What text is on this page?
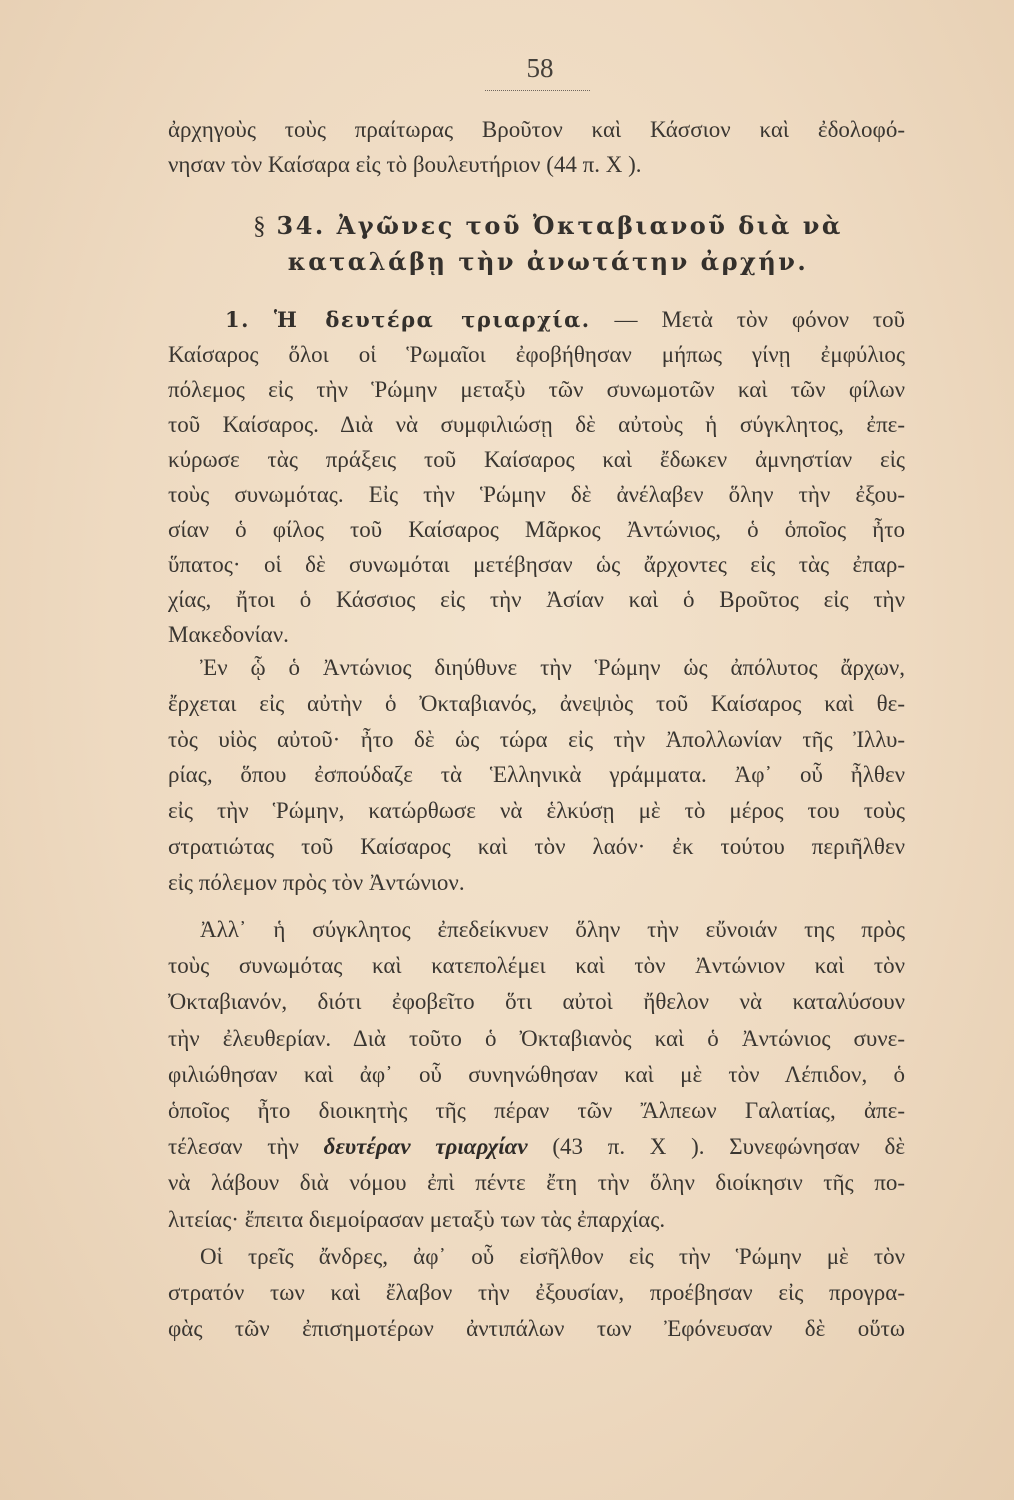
58
ἀρχηγοὺς τοὺς πραίτωρας Βροῦτον καὶ Κάσσιον καὶ ἐδολοφό-
νησαν τὸν Καίσαρα εἰς τὸ βουλευτήριον (44 π. Χ ).
§ 34. Ἀγῶνες τοῦ Ὀκταβιανοῦ διὰ νὰ
καταλάβῃ τὴν ἀνωτάτην ἀρχήν.
1. Ἡ δευτέρα τριαρχία. — Μετὰ τὸν φόνον τοῦ
Καίσαρος ὅλοι οἱ Ῥωμαῖοι ἐφοβήθησαν μήπως γίνῃ ἐμφύλιος
πόλεμος εἰς τὴν Ῥώμην μεταξὺ τῶν συνωμοτῶν καὶ τῶν φίλων
τοῦ Καίσαρος. Διὰ νὰ συμφιλιώσῃ δὲ αὐτοὺς ἡ σύγκλητος, ἐπε-
κύρωσε τὰς πράξεις τοῦ Καίσαρος καὶ ἔδωκεν ἀμνηστίαν εἰς
τοὺς συνωμότας. Εἰς τὴν Ῥώμην δὲ ἀνέλαβεν ὅλην τὴν ἐξου-
σίαν ὁ φίλος τοῦ Καίσαρος Μᾶρκος Ἀντώνιος, ὁ ὁποῖος ἦτο
ὕπατος· οἱ δὲ συνωμόται μετέβησαν ὡς ἄρχοντες εἰς τὰς ἐπαρ-
χίας, ἤτοι ὁ Κάσσιος εἰς τὴν Ἀσίαν καὶ ὁ Βροῦτος εἰς τὴν
Μακεδονίαν.
Ἐν ᾧ ὁ Ἀντώνιος διηύθυνε τὴν Ῥώμην ὡς ἀπόλυτος ἄρχων,
ἔρχεται εἰς αὐτὴν ὁ Ὀκταβιανός, ἀνεψιὸς τοῦ Καίσαρος καὶ θε-
τὸς υἱὸς αὐτοῦ· ἦτο δὲ ὡς τώρα εἰς τὴν Ἀπολλωνίαν τῆς Ἰλλυ-
ρίας, ὅπου ἐσπούδαζε τὰ Ἑλληνικὰ γράμματα. Ἀφ᾿ οὗ ἦλθεν
εἰς τὴν Ῥώμην, κατώρθωσε νὰ ἑλκύσῃ μὲ τὸ μέρος του τοὺς
στρατιώτας τοῦ Καίσαρος καὶ τὸν λαόν· ἐκ τούτου περιῆλθεν
εἰς πόλεμον πρὸς τὸν Ἀντώνιον.
Ἀλλ᾿ ἡ σύγκλητος ἐπεδείκνυεν ὅλην τὴν εὔνοιάν της πρὸς
τοὺς συνωμότας καὶ κατεπολέμει καὶ τὸν Ἀντώνιον καὶ τὸν
Ὀκταβιανόν, διότι ἐφοβεῖτο ὅτι αὐτοὶ ἤθελον νὰ καταλύσουν
τὴν ἐλευθερίαν. Διὰ τοῦτο ὁ Ὀκταβιανὸς καὶ ὁ Ἀντώνιος συνε-
φιλιώθησαν καὶ ἀφ᾿ οὗ συνηνώθησαν καὶ μὲ τὸν Λέπιδον, ὁ
ὁποῖος ἦτο διοικητὴς τῆς πέραν τῶν Ἄλπεων Γαλατίας, ἀπε-
τέλεσαν τὴν δευτέραν τριαρχίαν (43 π. Χ ). Συνεφώνησαν δὲ
νὰ λάβουν διὰ νόμου ἐπὶ πέντε ἔτη τὴν ὅλην διοίκησιν τῆς πο-
λιτείας· ἔπειτα διεμοίρασαν μεταξὺ των τὰς ἐπαρχίας.
Οἱ τρεῖς ἄνδρες, ἀφ᾿ οὗ εἰσῆλθον εἰς τὴν Ῥώμην μὲ τὸν
στρατόν των καὶ ἔλαβον τὴν ἐξουσίαν, προέβησαν εἰς προγρα-
φὰς τῶν ἐπισημοτέρων ἀντιπάλων των Ἐφόνευσαν δὲ οὕτω
